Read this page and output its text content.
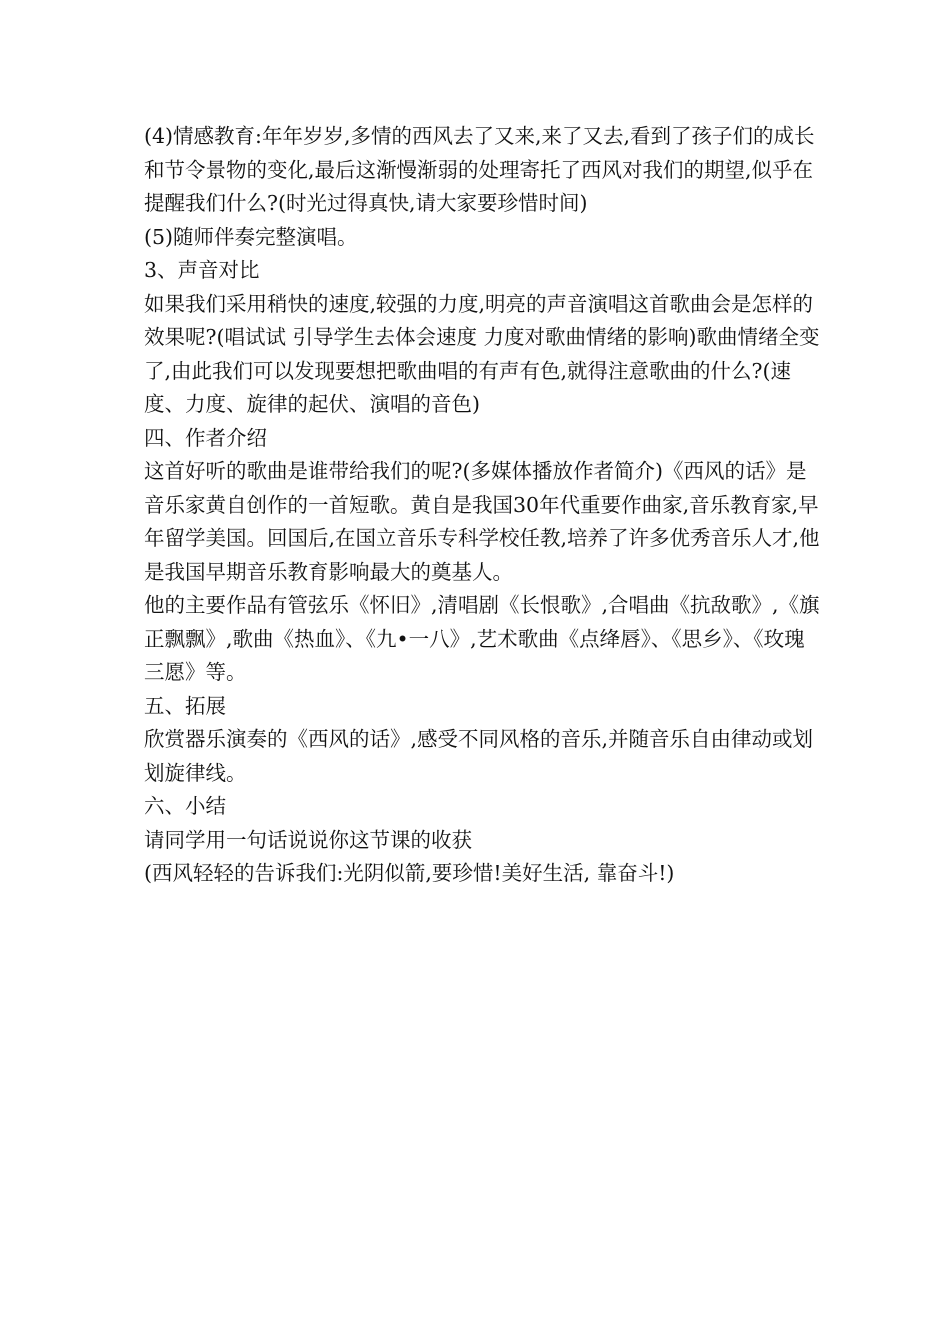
(4)情感教育:年年岁岁,多情的西风去了又来,来了又去,看到了孩子们的成长和节令景物的变化,最后这渐慢渐弱的处理寄托了西风对我们的期望,似乎在提醒我们什么?(时光过得真快,请大家要珍惜时间)

(5)随师伴奏完整演唱。

3、声音对比

如果我们采用稍快的速度,较强的力度,明亮的声音演唱这首歌曲会是怎样的效果呢?(唱试试 引导学生去体会速度 力度对歌曲情绪的影响)歌曲情绪全变了,由此我们可以发现要想把歌曲唱的有声有色,就得注意歌曲的什么?(速度、力度、旋律的起伏、演唱的音色)

四、作者介绍

这首好听的歌曲是谁带给我们的呢?(多媒体播放作者简介)《西风的话》是音乐家黄自创作的一首短歌。黄自是我国30年代重要作曲家,音乐教育家,早年留学美国。回国后,在国立音乐专科学校任教,培养了许多优秀音乐人才,他是我国早期音乐教育影响最大的奠基人。

他的主要作品有管弦乐《怀旧》,清唱剧《长恨歌》,合唱曲《抗敌歌》,《旗正飘飘》,歌曲《热血》、《九•一八》,艺术歌曲《点绛唇》、《思乡》、《玫瑰三愿》等。

五、拓展

欣赏器乐演奏的《西风的话》,感受不同风格的音乐,并随音乐自由律动或划划旋律线。

六、小结

请同学用一句话说说你这节课的收获

(西风轻轻的告诉我们:光阴似箭,要珍惜!美好生活, 靠奋斗!)
